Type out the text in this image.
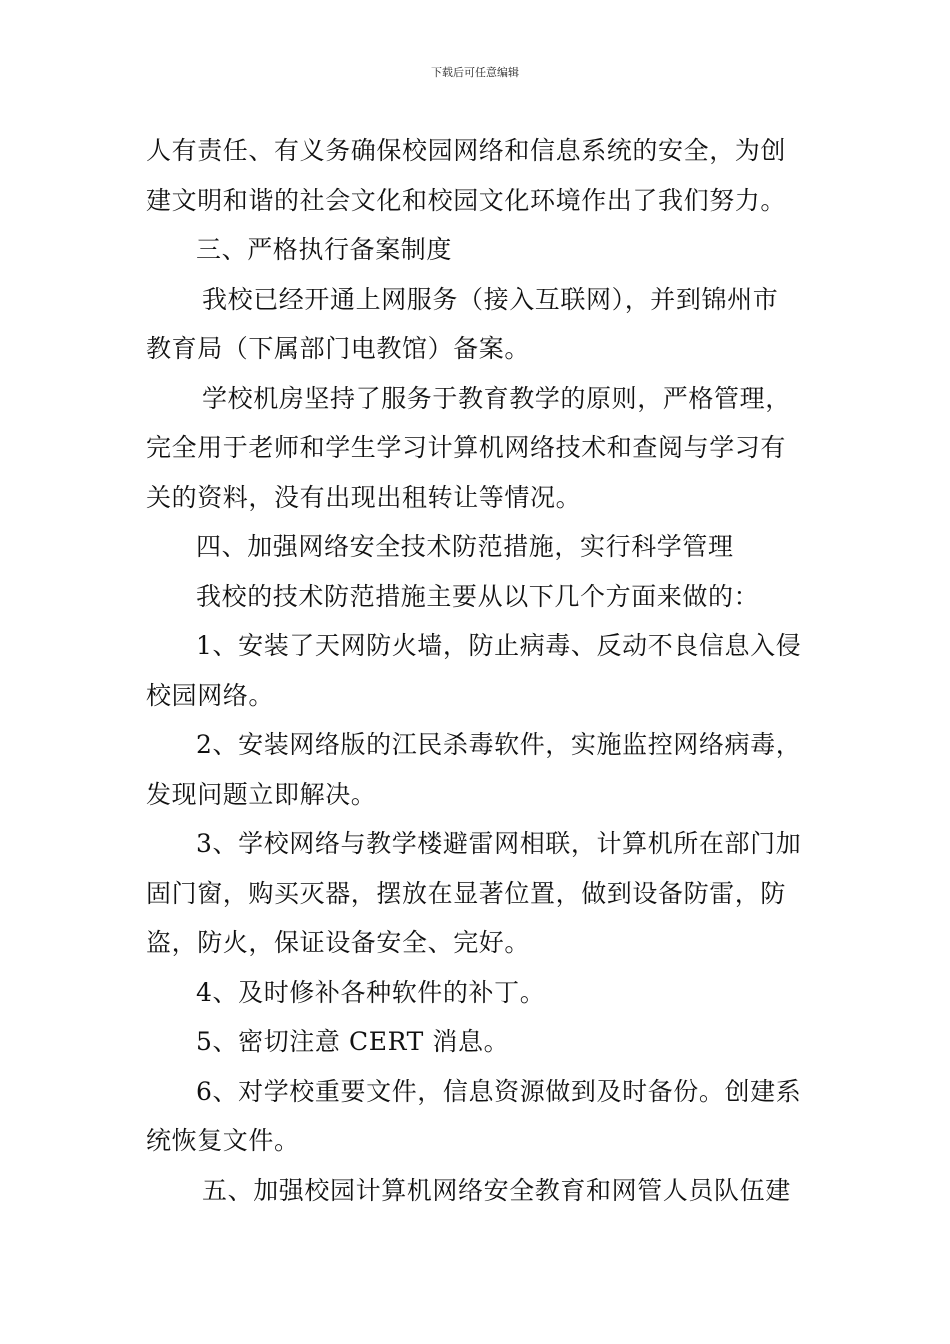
下载后可任意编辑
人有责任、有义务确保校园网络和信息系统的安全，为创
建文明和谐的社会文化和校园文化环境作出了我们努力。
三、严格执行备案制度
我校已经开通上网服务（接入互联网），并到锦州市
教育局（下属部门电教馆）备案。
学校机房坚持了服务于教育教学的原则，严格管理，
完全用于老师和学生学习计算机网络技术和查阅与学习有
关的资料，没有出现出租转让等情况。
四、加强网络安全技术防范措施，实行科学管理
我校的技术防范措施主要从以下几个方面来做的：
1、安装了天网防火墙，防止病毒、反动不良信息入侵
校园网络。
2、安装网络版的江民杀毒软件，实施监控网络病毒，
发现问题立即解决。
3、学校网络与教学楼避雷网相联，计算机所在部门加
固门窗，购买灭器，摆放在显著位置，做到设备防雷，防
盗，防火，保证设备安全、完好。
4、及时修补各种软件的补丁。
5、密切注意 CERT 消息。
6、对学校重要文件，信息资源做到及时备份。创建系
统恢复文件。
五、加强校园计算机网络安全教育和网管人员队伍建
